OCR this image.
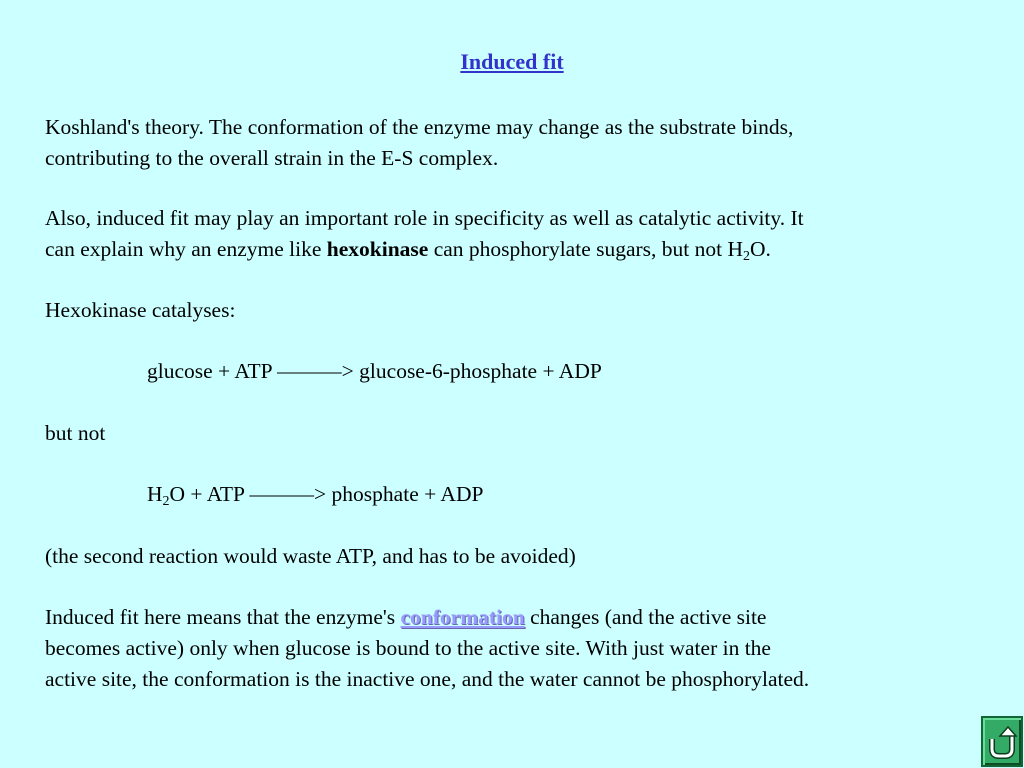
Induced fit
Koshland's theory. The conformation of the enzyme may change as the substrate binds,
contributing to the overall strain in the E-S complex.
Also, induced fit may play an important role in specificity as well as catalytic activity. It
can explain why an enzyme like hexokinase can phosphorylate sugars, but not $H_2O$.
Hexokinase catalyses:
glucose + ATP ———> glucose-6-phosphate + ADP
but not
$H_2O$ + ATP ———> phosphate + ADP
(the second reaction would waste ATP, and has to be avoided)
Induced fit here means that the enzyme's conformation changes (and the active site
becomes active) only when glucose is bound to the active site. With just water in the
active site, the conformation is the inactive one, and the water cannot be phosphorylated.
